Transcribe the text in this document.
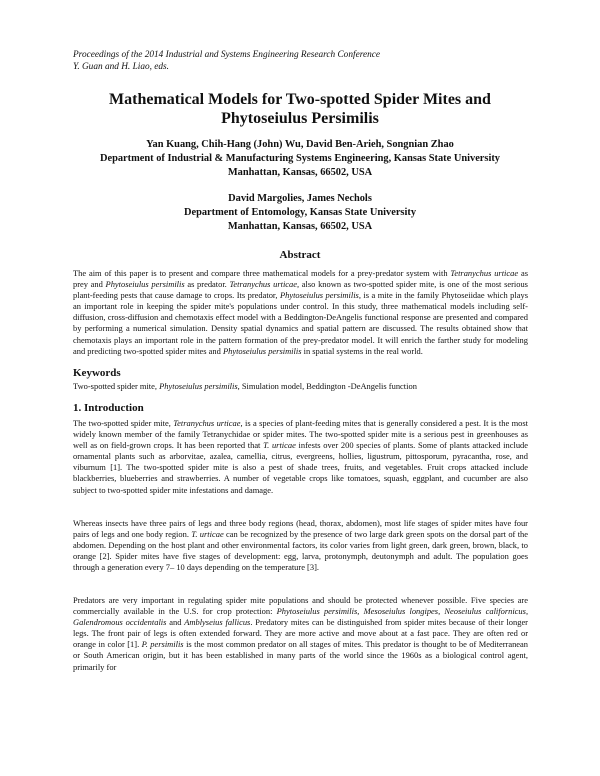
Proceedings of the 2014 Industrial and Systems Engineering Research Conference
Y. Guan and H. Liao, eds.
Mathematical Models for Two-spotted Spider Mites and
Phytoseiulus Persimilis
Yan Kuang, Chih-Hang (John) Wu, David Ben-Arieh, Songnian Zhao
Department of Industrial & Manufacturing Systems Engineering, Kansas State University
Manhattan, Kansas, 66502, USA
David Margolies, James Nechols
Department of Entomology, Kansas State University
Manhattan, Kansas, 66502, USA
Abstract
The aim of this paper is to present and compare three mathematical models for a prey-predator system with Tetranychus urticae as prey and Phytoseiulus persimilis as predator. Tetranychus urticae, also known as two-spotted spider mite, is one of the most serious plant-feeding pests that cause damage to crops. Its predator, Phytoseiulus persimilis, is a mite in the family Phytoseiidae which plays an important role in keeping the spider mite's populations under control. In this study, three mathematical models including self-diffusion, cross-diffusion and chemotaxis effect model with a Beddington-DeAngelis functional response are presented and compared by performing a numerical simulation. Density spatial dynamics and spatial pattern are discussed. The results obtained show that chemotaxis plays an important role in the pattern formation of the prey-predator model. It will enrich the farther study for modeling and predicting two-spotted spider mites and Phytoseiulus persimilis in spatial systems in the real world.
Keywords
Two-spotted spider mite, Phytoseiulus persimilis, Simulation model, Beddington -DeAngelis function
1. Introduction
The two-spotted spider mite, Tetranychus urticae, is a species of plant-feeding mites that is generally considered a pest. It is the most widely known member of the family Tetranychidae or spider mites. The two-spotted spider mite is a serious pest in greenhouses as well as on field-grown crops. It has been reported that T. urticae infests over 200 species of plants. Some of plants attacked include ornamental plants such as arborvitae, azalea, camellia, citrus, evergreens, hollies, ligustrum, pittosporum, pyracantha, rose, and viburnum [1]. The two-spotted spider mite is also a pest of shade trees, fruits, and vegetables. Fruit crops attacked include blackberries, blueberries and strawberries. A number of vegetable crops like tomatoes, squash, eggplant, and cucumber are also subject to two-spotted spider mite infestations and damage.
Whereas insects have three pairs of legs and three body regions (head, thorax, abdomen), most life stages of spider mites have four pairs of legs and one body region. T. urticae can be recognized by the presence of two large dark green spots on the dorsal part of the abdomen. Depending on the host plant and other environmental factors, its color varies from light green, dark green, brown, black, to orange [2]. Spider mites have five stages of development: egg, larva, protonymph, deutonymph and adult. The population goes through a generation every 7– 10 days depending on the temperature [3].
Predators are very important in regulating spider mite populations and should be protected whenever possible. Five species are commercially available in the U.S. for crop protection: Phytoseiulus persimilis, Mesoseiulus longipes, Neoseiulus californicus, Galendromous occidentalis and Amblyseius fallicus. Predatory mites can be distinguished from spider mites because of their longer legs. The front pair of legs is often extended forward. They are more active and move about at a fast pace. They are often red or orange in color [1]. P. persimilis is the most common predator on all stages of mites. This predator is thought to be of Mediterranean or South American origin, but it has been established in many parts of the world since the 1960s as a biological control agent, primarily for
